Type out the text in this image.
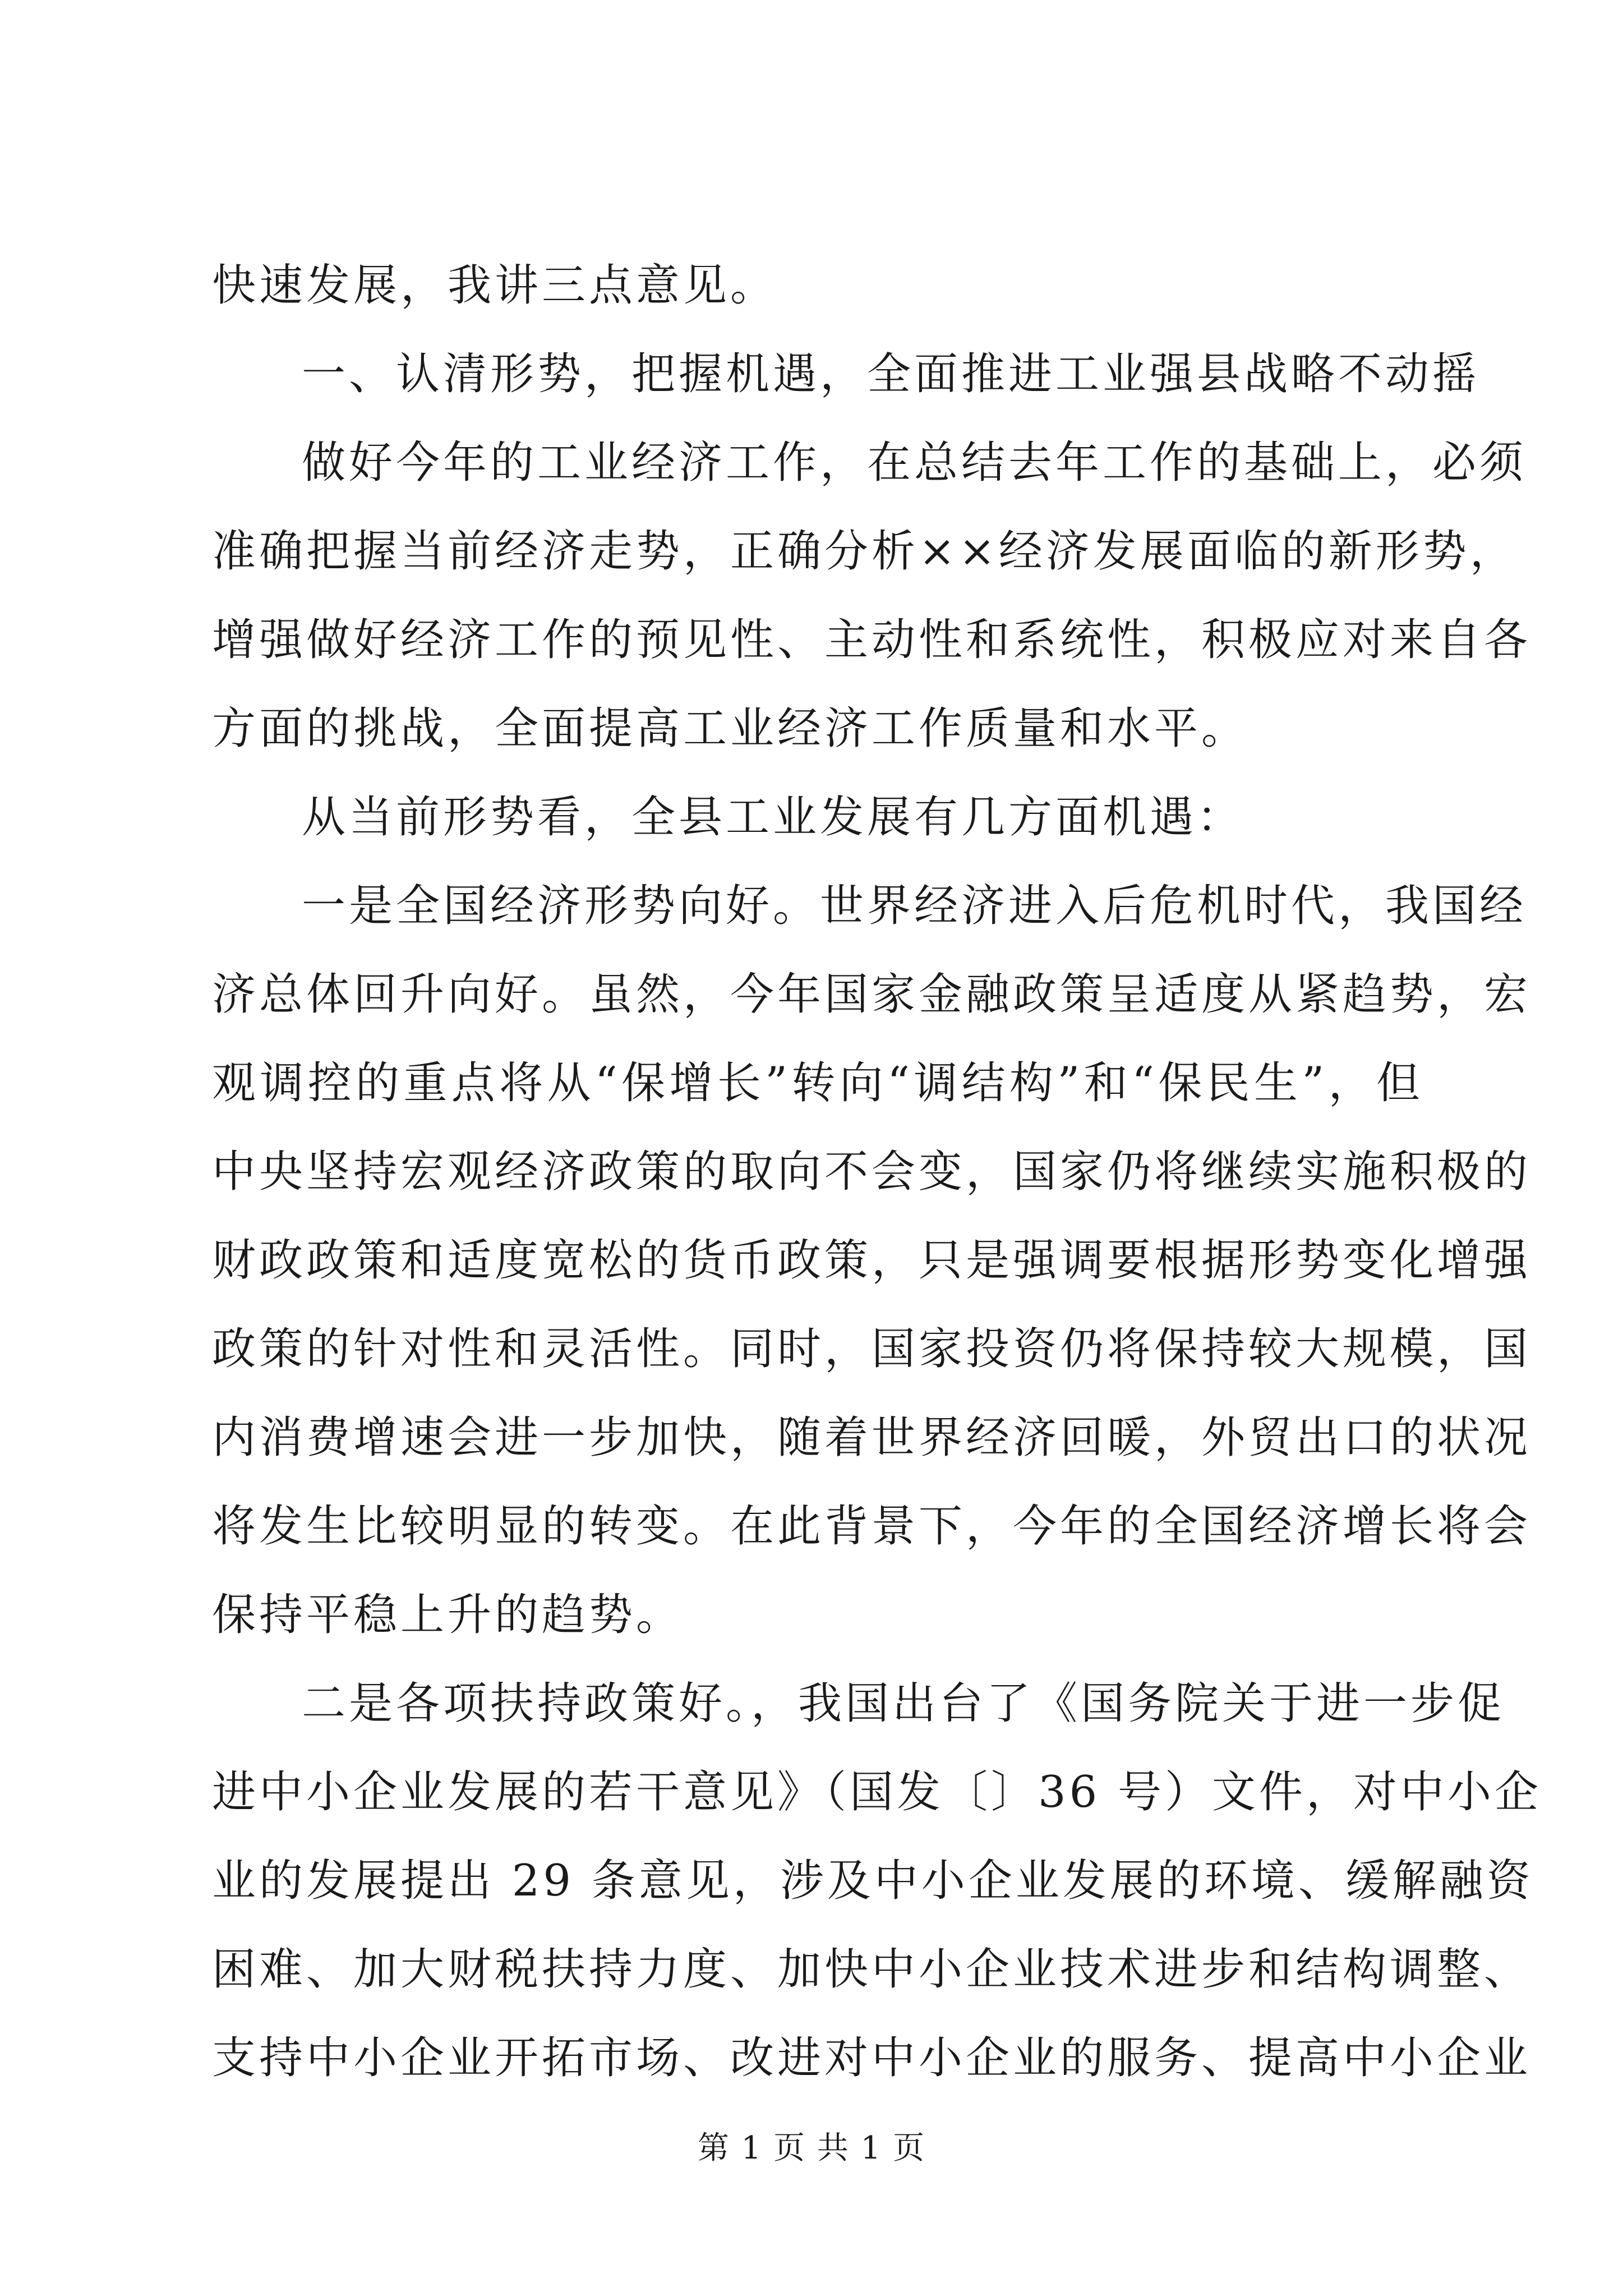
快速发展，我讲三点意见。
一、认清形势，把握机遇，全面推进工业强县战略不动摇
做好今年的工业经济工作，在总结去年工作的基础上，必须
准确把握当前经济走势，正确分析××经济发展面临的新形势，
增强做好经济工作的预见性、主动性和系统性，积极应对来自各
方面的挑战，全面提高工业经济工作质量和水平。
从当前形势看，全县工业发展有几方面机遇：
一是全国经济形势向好。世界经济进入后危机时代，我国经
济总体回升向好。虽然，今年国家金融政策呈适度从紧趋势，宏
观调控的重点将从“保增长”转向“调结构”和“保民生”，但
中央坚持宏观经济政策的取向不会变，国家仍将继续实施积极的
财政政策和适度宽松的货币政策，只是强调要根据形势变化增强
政策的针对性和灵活性。同时，国家投资仍将保持较大规模，国
内消费增速会进一步加快，随着世界经济回暖，外贸出口的状况
将发生比较明显的转变。在此背景下，今年的全国经济增长将会
保持平稳上升的趋势。
二是各项扶持政策好。，我国出台了《国务院关于进一步促
进中小企业发展的若干意见》（国发〔〕36 号）文件，对中小企
业的发展提出 29 条意见，涉及中小企业发展的环境、缓解融资
困难、加大财税扶持力度、加快中小企业技术进步和结构调整、
支持中小企业开拓市场、改进对中小企业的服务、提高中小企业
第 1 页 共 1 页
